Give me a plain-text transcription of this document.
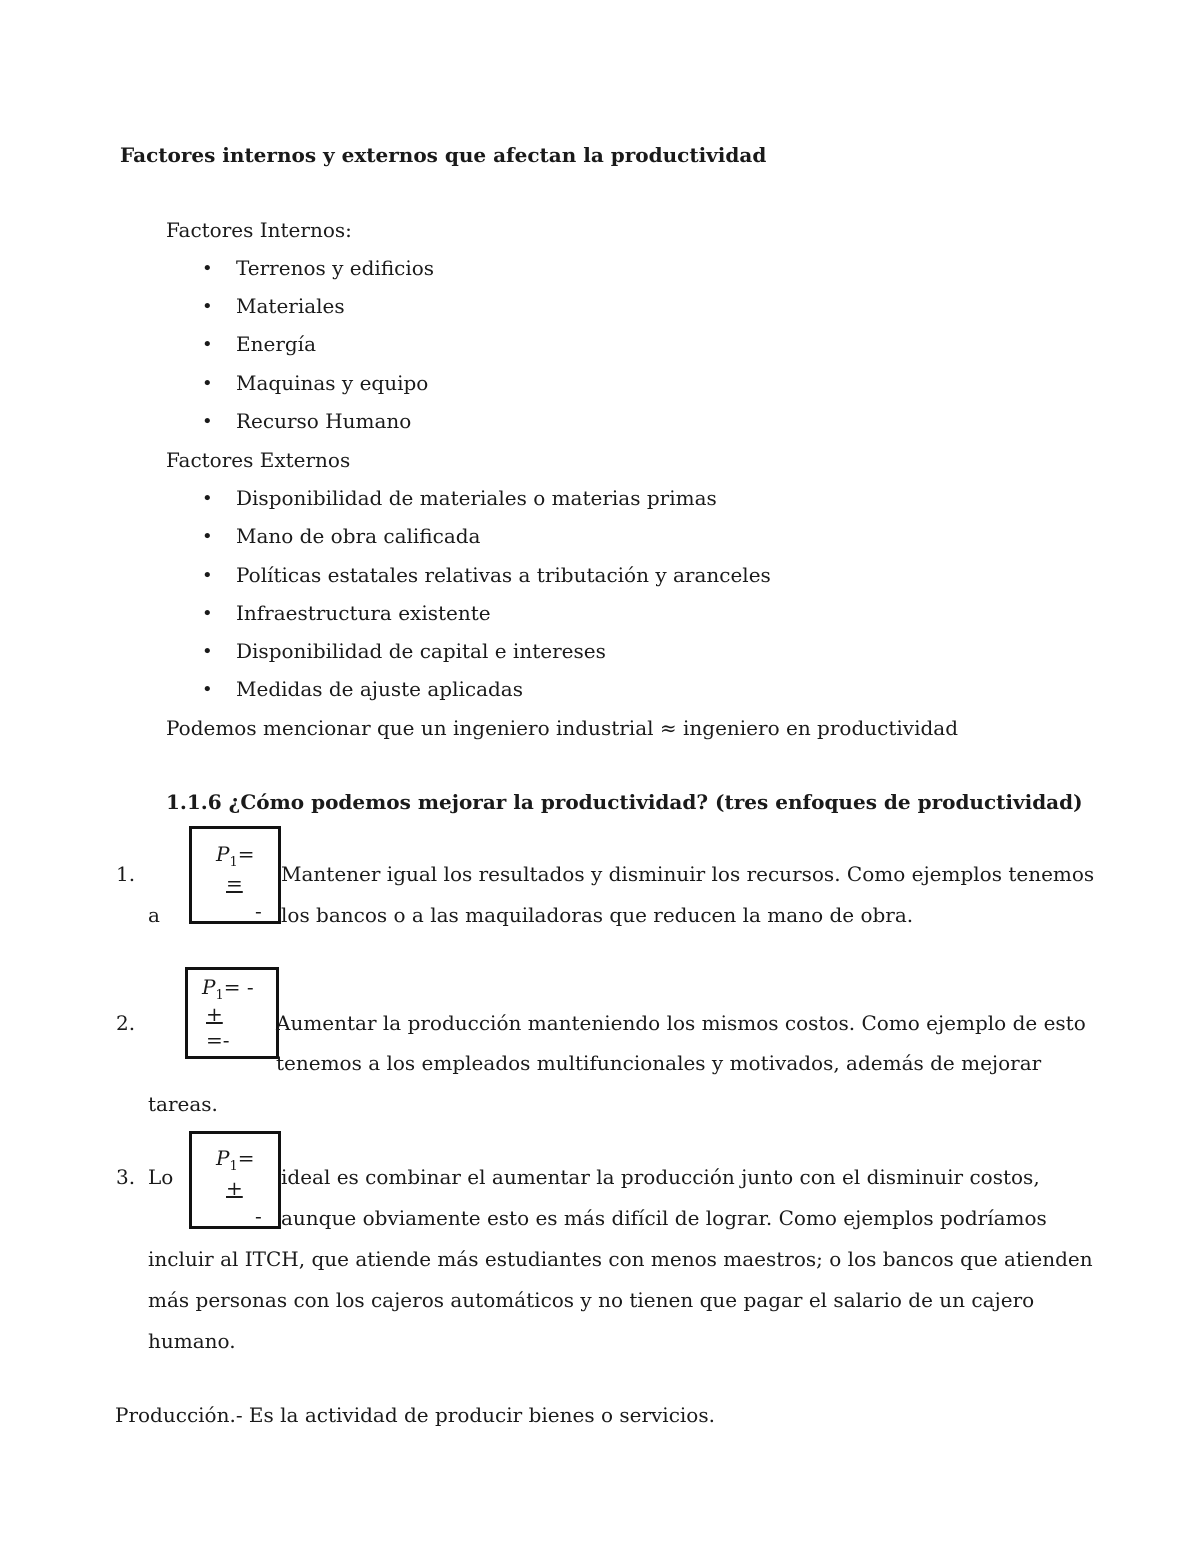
Factores internos y externos que afectan la productividad
Factores Internos:
• Terrenos y edificios
• Materiales
• Energía
• Maquinas y equipo
• Recurso Humano
Factores Externos
• Disponibilidad de materiales o materias primas
• Mano de obra calificada
• Políticas estatales relativas a tributación y aranceles
• Infraestructura existente
• Disponibilidad de capital e intereses
• Medidas de ajuste aplicadas
Podemos mencionar que un ingeniero industrial ≈ ingeniero en productividad
1.1.6 ¿Cómo podemos mejorar la productividad? (tres enfoques de productividad)
1.
a
$P_1=$
=
-
Mantener igual los resultados y disminuir los recursos. Como ejemplos tenemos
los bancos o a las maquiladoras que reducen la mano de obra.
2.
$P_1=$ -
+
=-
Aumentar la producción manteniendo los mismos costos. Como ejemplo de esto
tenemos a los empleados multifuncionales y motivados, además de mejorar
tareas.
3. Lo
$P_1=$
+
-
ideal es combinar el aumentar la producción junto con el disminuir costos,
aunque obviamente esto es más difícil de lograr. Como ejemplos podríamos
incluir al ITCH, que atiende más estudiantes con menos maestros; o los bancos que atienden
más personas con los cajeros automáticos y no tienen que pagar el salario de un cajero
humano.
Producción.- Es la actividad de producir bienes o servicios.
